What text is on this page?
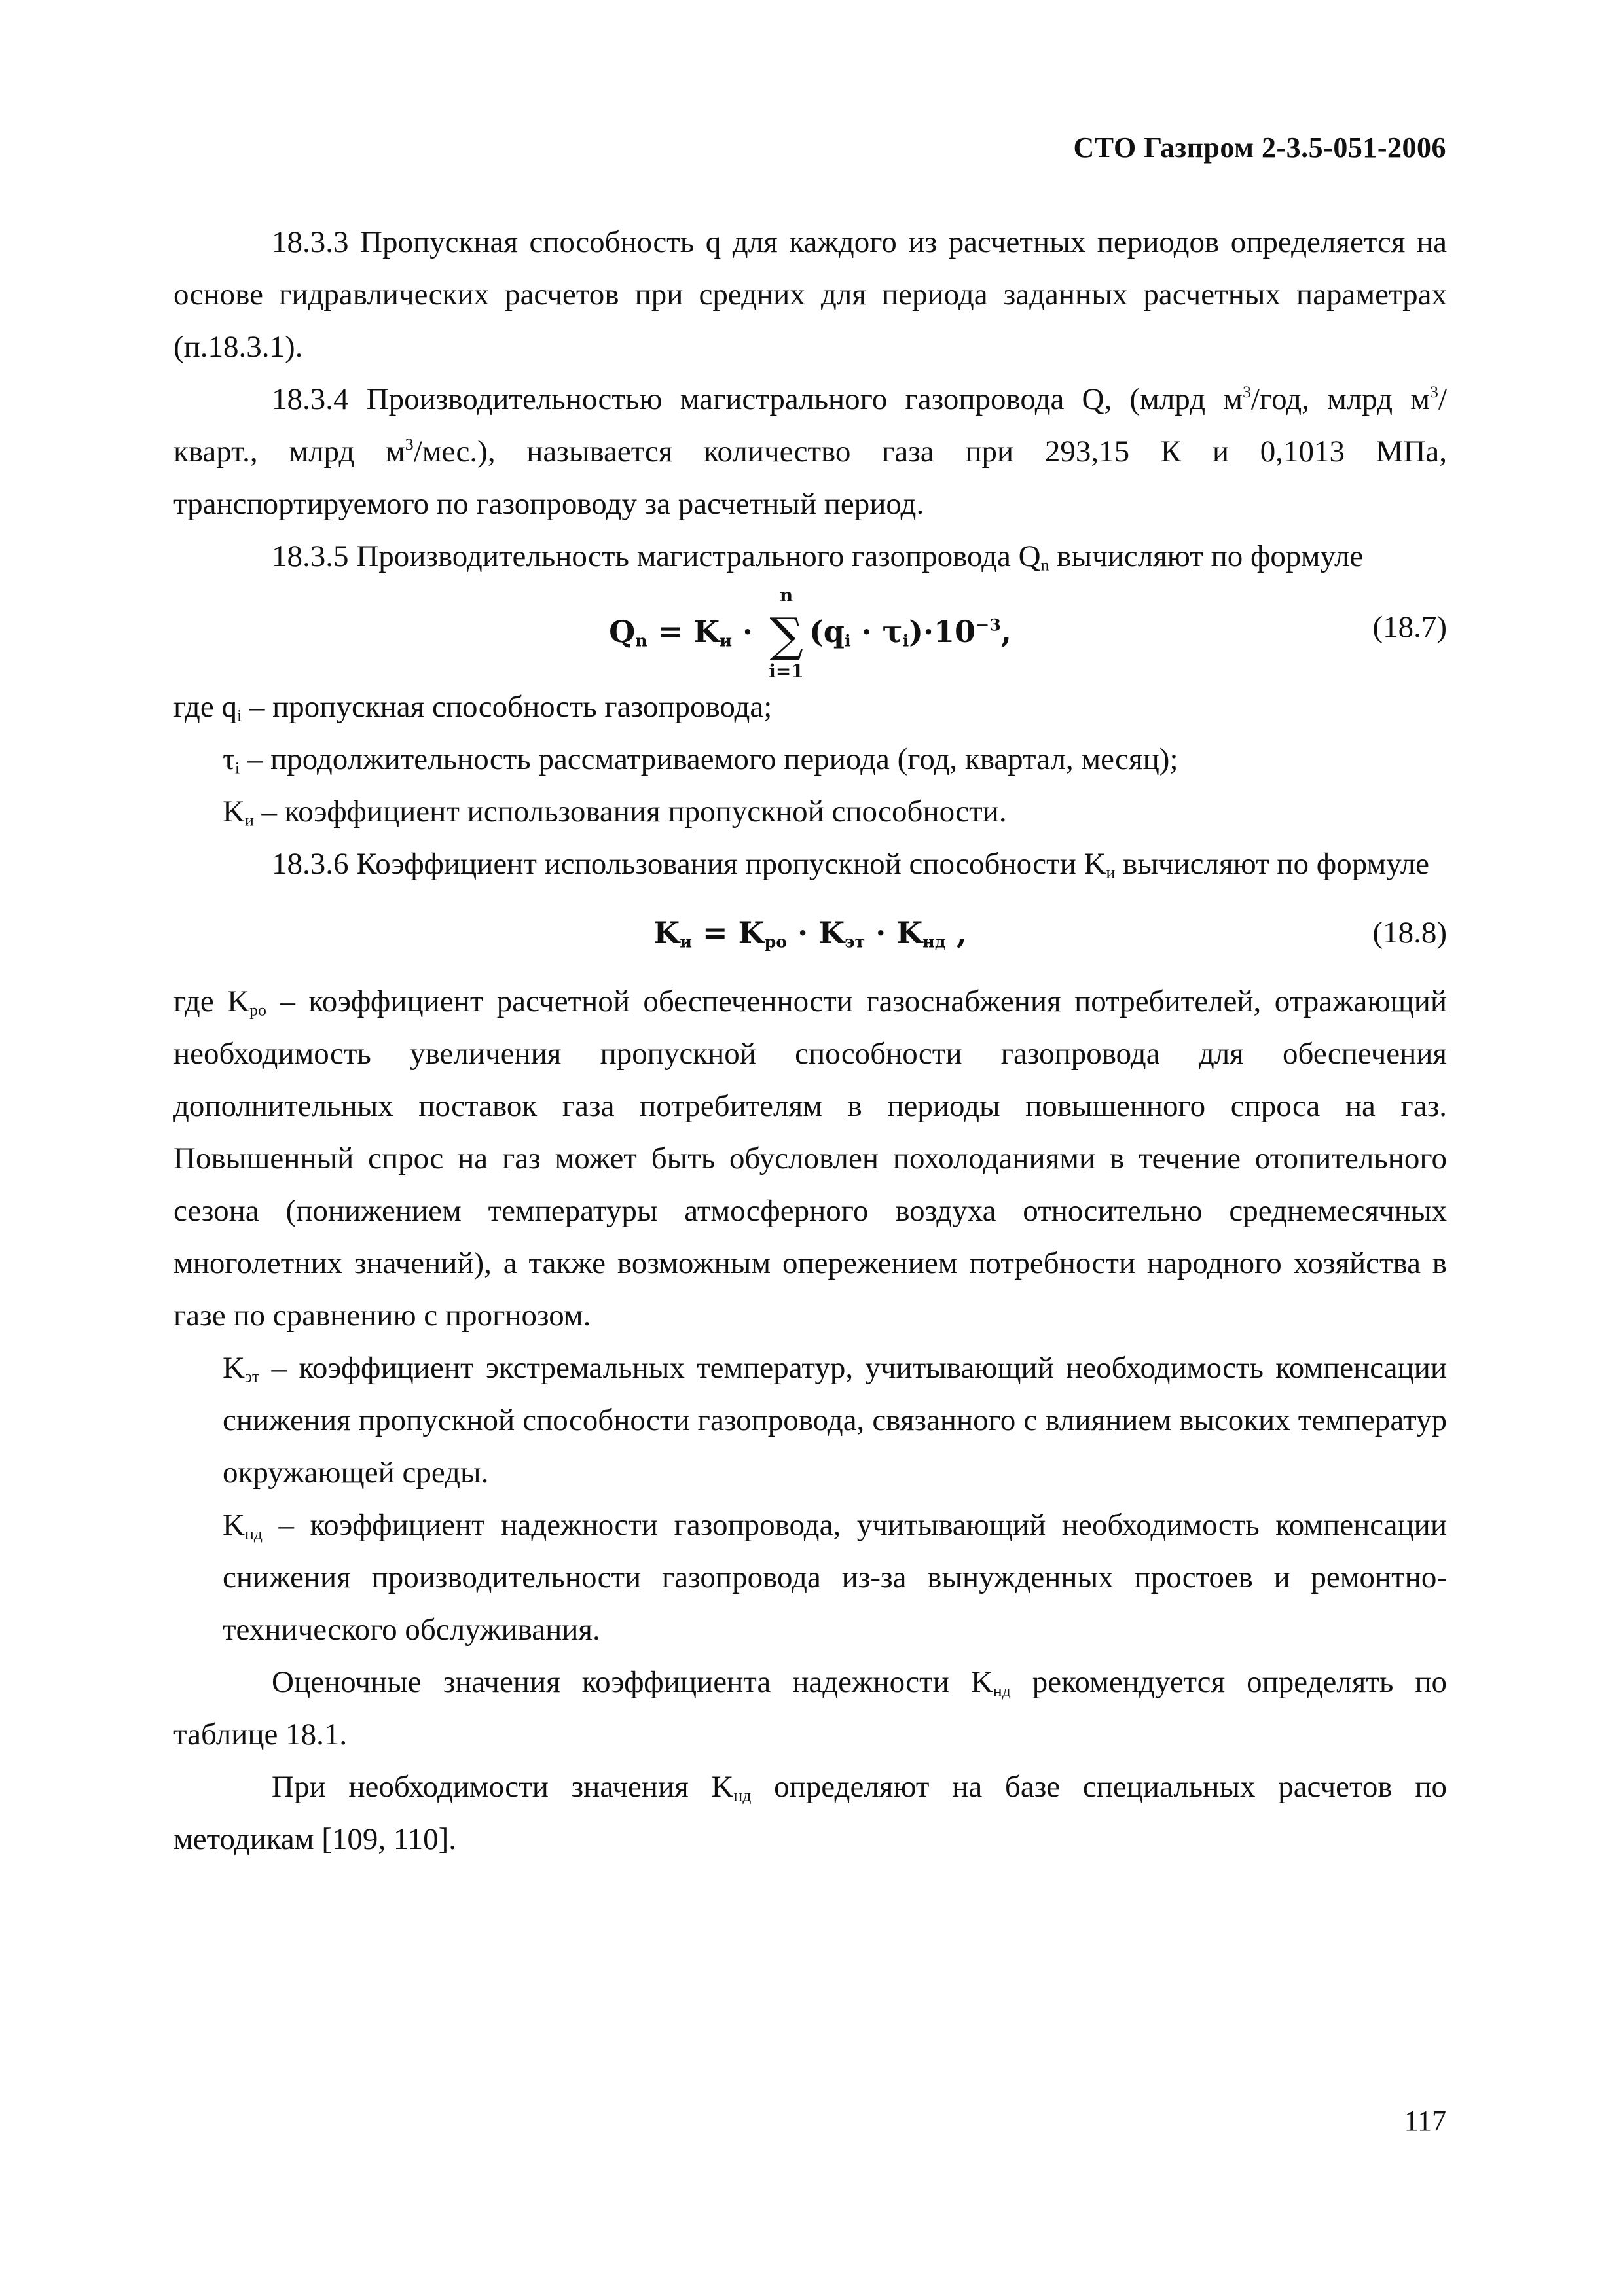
СТО Газпром 2-3.5-051-2006

18.3.3 Пропускная способность q для каждого из расчетных периодов определяется на основе гидравлических расчетов при средних для периода заданных расчетных параметрах (п.18.3.1).

18.3.4 Производительностью магистрального газопровода Q, (млрд $м^3$/год, млрд $м^3/$ кварт., млрд $м^3/мес$.), называется количество газа при 293,15 К и 0,1013 МПа, транспортируемого по газопроводу за расчетный период.

18.3.5 Производительность магистрального газопровода $Q_n$ вычисляют по формуле

$Q_n = K_и$ ·
n
∑
i=1
$(q_i \cdot \tau_i)\cdot 10^{-3}$,	(18.7)

где $q_i$ – пропускная способность газопровода;

$\tau_i$ – продолжительность рассматриваемого периода (год, квартал, месяц);

$K_и$ – коэффициент использования пропускной способности.

18.3.6 Коэффициент использования пропускной способности $K_и$ вычисляют по формуле

$K_и = K_{ро} \cdot K_{эт} \cdot K_{нд}$ ,	(18.8)

где $K_{ро}$ – коэффициент расчетной обеспеченности газоснабжения потребителей, отражающий необходимость увеличения пропускной способности газопровода для обеспечения дополнительных поставок газа потребителям в периоды повышенного спроса на газ. Повышенный спрос на газ может быть обусловлен похолоданиями в течение отопительного сезона (понижением температуры атмосферного воздуха относительно среднемесячных многолетних значений), а также возможным опережением потребности народного хозяйства в газе по сравнению с прогнозом.

$K_{эт}$ – коэффициент экстремальных температур, учитывающий необходимость компенсации снижения пропускной способности газопровода, связанного с влиянием высоких температур окружающей среды.

$K_{нд}$ – коэффициент надежности газопровода, учитывающий необходимость компенсации снижения производительности газопровода из-за вынужденных простоев и ремонтно-технического обслуживания.

Оценочные значения коэффициента надежности $K_{нд}$ рекомендуется определять по таблице 18.1.

При необходимости значения $K_{нд}$ определяют на базе специальных расчетов по методикам [109, 110].

117
